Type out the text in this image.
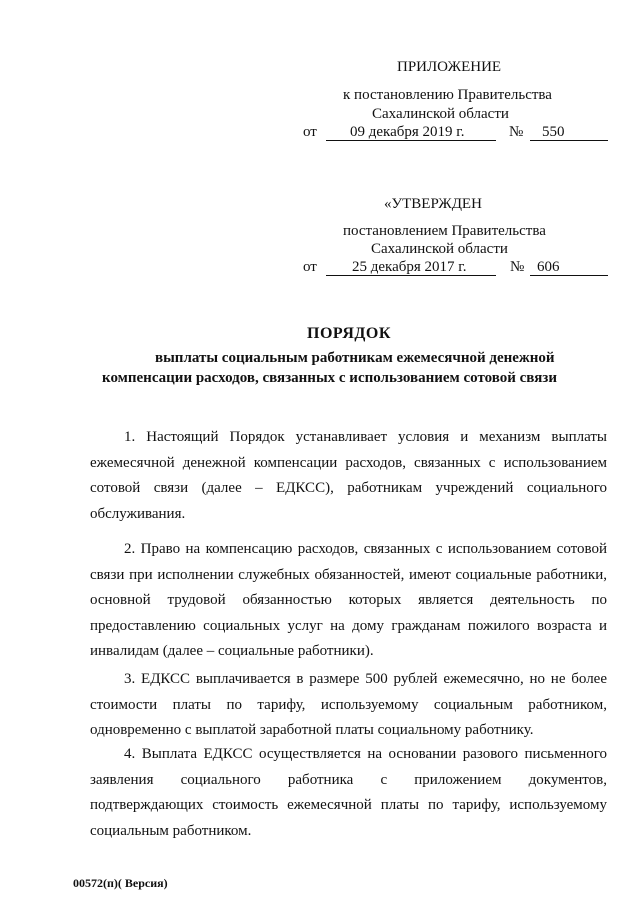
ПРИЛОЖЕНИЕ
к постановлению Правительства
Сахалинской области
от 09 декабря 2019 г.	№ 550
«УТВЕРЖДЕН
постановлением Правительства
Сахалинской области
от 25 декабря 2017 г.	№ 606
ПОРЯДОК
выплаты социальным работникам ежемесячной денежной
компенсации расходов, связанных с использованием сотовой связи
1. Настоящий Порядок устанавливает условия и механизм выплаты ежемесячной денежной компенсации расходов, связанных с использованием сотовой связи (далее – ЕДКСС), работникам учреждений социального обслуживания.
2. Право на компенсацию расходов, связанных с использованием сотовой связи при исполнении служебных обязанностей, имеют социальные работники, основной трудовой обязанностью которых является деятельность по предоставлению социальных услуг на дому гражданам пожилого возраста и инвалидам (далее – социальные работники).
3. ЕДКСС выплачивается в размере 500 рублей ежемесячно, но не более стоимости платы по тарифу, используемому социальным работником, одновременно с выплатой заработной платы социальному работнику.
4. Выплата ЕДКСС осуществляется на основании разового письменного заявления социального работника с приложением документов, подтверждающих стоимость ежемесячной платы по тарифу, используемому социальным работником.
00572(п)( Версия)
